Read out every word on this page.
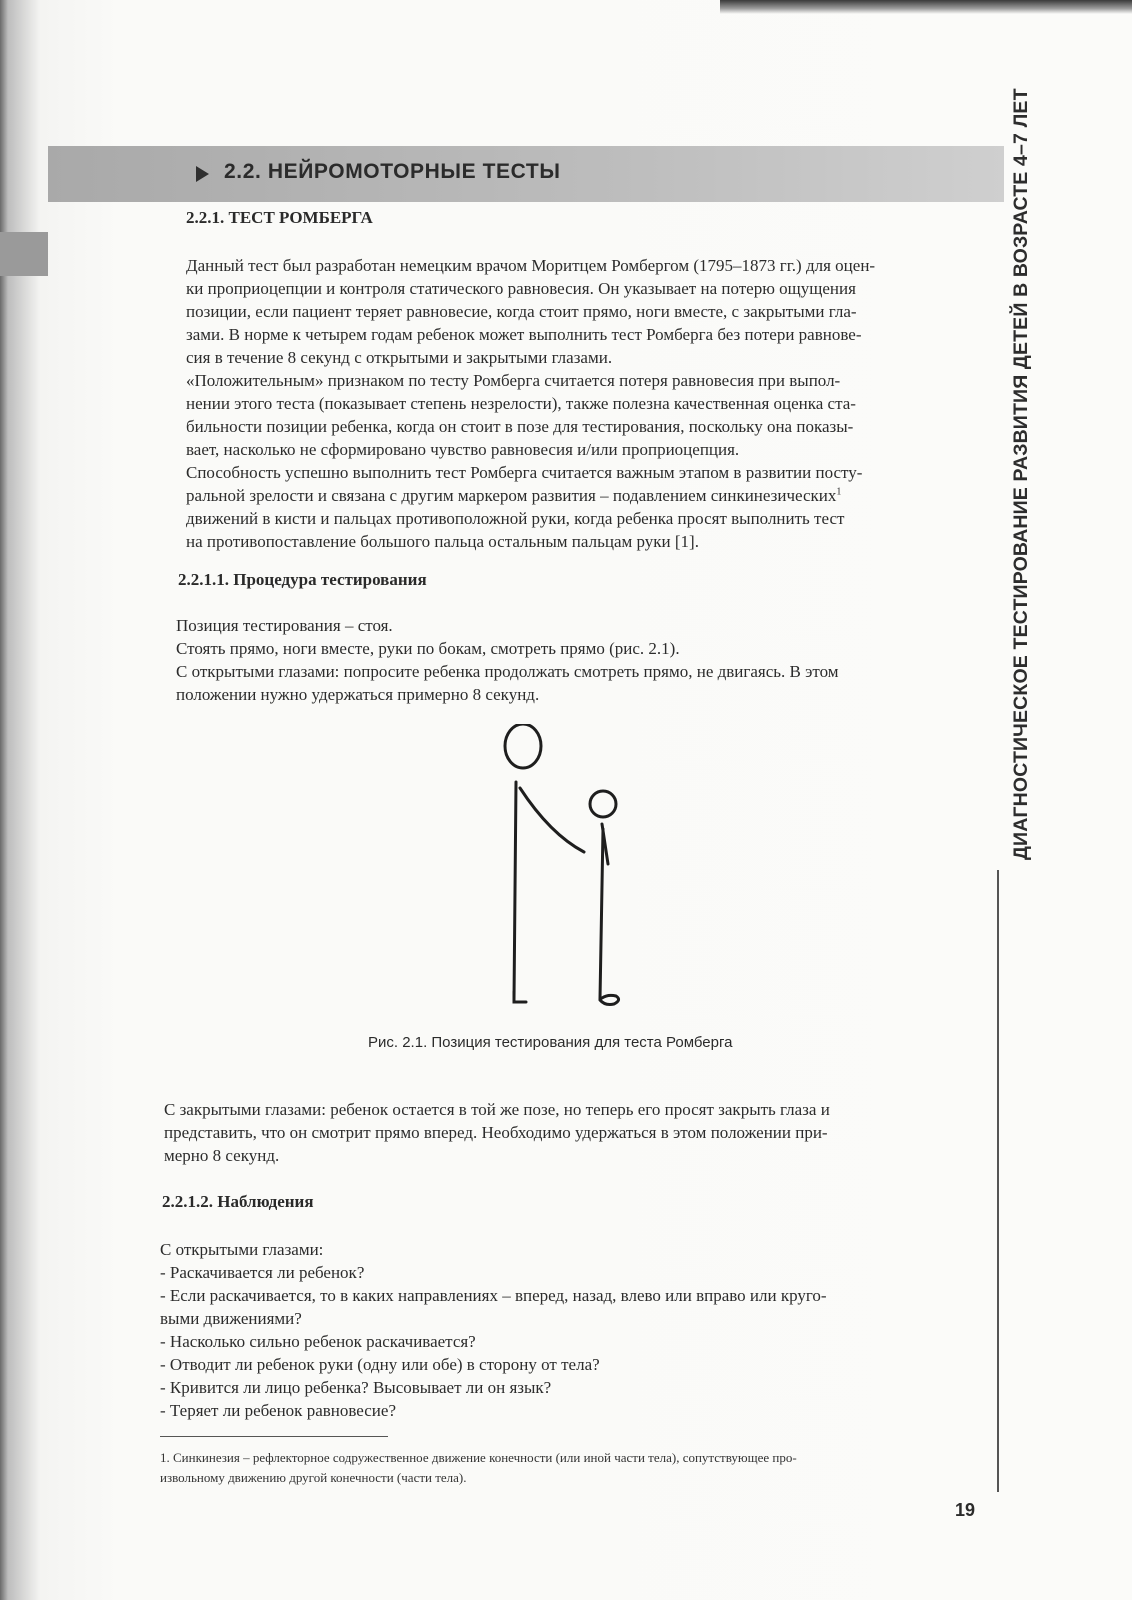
2.2. НЕЙРОМОТОРНЫЕ ТЕСТЫ	ДИАГНОСТИЧЕСКОЕ ТЕСТИРОВАНИЕ РАЗВИТИЯ ДЕТЕЙ В ВОЗРАСТЕ 4–7 ЛЕТ
2.2.1. ТЕСТ РОМБЕРГА
Данный тест был разработан немецким врачом Моритцем Ромбергом (1795–1873 гг.) для оцен-
ки проприоцепции и контроля статического равновесия. Он указывает на потерю ощущения
позиции, если пациент теряет равновесие, когда стоит прямо, ноги вместе, с закрытыми гла-
зами. В норме к четырем годам ребенок может выполнить тест Ромберга без потери равнове-
сия в течение 8 секунд с открытыми и закрытыми глазами.
«Положительным» признаком по тесту Ромберга считается потеря равновесия при выпол-
нении этого теста (показывает степень незрелости), также полезна качественная оценка ста-
бильности позиции ребенка, когда он стоит в позе для тестирования, поскольку она показы-
вает, насколько не сформировано чувство равновесия и/или проприоцепция.
Способность успешно выполнить тест Ромберга считается важным этапом в развитии посту-
ральной зрелости и связана с другим маркером развития – подавлением синкинезических$^1$
движений в кисти и пальцах противоположной руки, когда ребенка просят выполнить тест
на противопоставление большого пальца остальным пальцам руки [1].
2.2.1.1. Процедура тестирования
Позиция тестирования – стоя.
Стоять прямо, ноги вместе, руки по бокам, смотреть прямо (рис. 2.1).
С открытыми глазами: попросите ребенка продолжать смотреть прямо, не двигаясь. В этом
положении нужно удержаться примерно 8 секунд.
Рис. 2.1. Позиция тестирования для теста Ромберга
С закрытыми глазами: ребенок остается в той же позе, но теперь его просят закрыть глаза и
представить, что он смотрит прямо вперед. Необходимо удержаться в этом положении при-
мерно 8 секунд.
2.2.1.2. Наблюдения
С открытыми глазами:
- Раскачивается ли ребенок?
- Если раскачивается, то в каких направлениях – вперед, назад, влево или вправо или круго-
выми движениями?
- Насколько сильно ребенок раскачивается?
- Отводит ли ребенок руки (одну или обе) в сторону от тела?
- Кривится ли лицо ребенка? Высовывает ли он язык?
- Теряет ли ребенок равновесие?
1. Синкинезия – рефлекторное содружественное движение конечности (или иной части тела), сопутствующее про-
извольному движению другой конечности (части тела).
19
